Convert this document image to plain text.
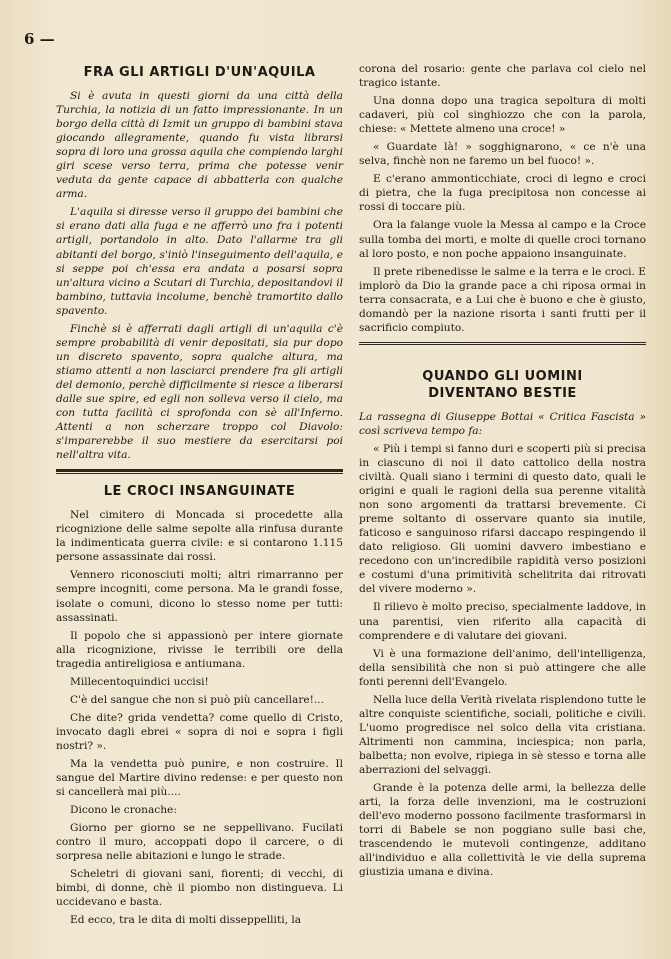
6 —
FRA GLI ARTIGLI D'UN'AQUILA

Si è avuta in questi giorni da una città della Turchia, la notizia di un fatto impressionante. In un borgo della città di Izmit un gruppo di bambini stava giocando allegramente, quando fu vista librarsi sopra di loro una grossa aquila che compiendo larghi giri scese verso terra, prima che potesse venir veduta da gente capace di abbatterla con qualche arma.

L'aquila si diresse verso il gruppo dei bambini che si erano dati alla fuga e ne afferrò uno fra i potenti artigli, portandolo in alto. Dato l'allarme tra gli abitanti del borgo, s'iniò l'inseguimento dell'aquila, e si seppe poi ch'essa era andata a posarsi sopra un'altura vicino a Scutari di Turchia, depositandovi il bambino, tuttavia incolume, benchè tramortito dallo spavento.

Finchè si è afferrati dagli artigli di un'aquila c'è sempre probabilità di venir depositati, sia pur dopo un discreto spavento, sopra qualche altura, ma stiamo attenti a non lasciarci prendere fra gli artigli del demonio, perchè difficilmente si riesce a liberarsi dalle sue spire, ed egli non solleva verso il cielo, ma con tutta facilità ci sprofonda con sè all'Inferno. Attenti a non scherzare troppo col Diavolo: s'imparerebbe il suo mestiere da esercitarsi poi nell'altra vita.

LE CROCI INSANGUINATE

Nel cimitero di Moncada si procedette alla ricognizione delle salme sepolte alla rinfusa durante la indimenticata guerra civile: e si contarono 1.115 persone assassinate dai rossi.

Vennero riconosciuti molti; altri rimarranno per sempre incogniti, come persona. Ma le grandi fosse, isolate o comuni, dicono lo stesso nome per tutti: assassinati.

Il popolo che si appassionò per intere giornate alla ricognizione, rivisse le terribili ore della tragedia antireligiosa e antiumana.

Millecentoquindici uccisi!

C'è del sangue che non si può più cancellare!...

Che dite? grida vendetta? come quello di Cristo, invocato dagli ebrei « sopra di noi e sopra i figli nostri? ».

Ma la vendetta può punire, e non costruire. Il sangue del Martire divino redense: e per questo non si cancellerà mai più....

Dicono le cronache:

Giorno per giorno se ne seppellivano. Fucilati contro il muro, accoppati dopo il carcere, o di sorpresa nelle abitazioni e lungo le strade.

Scheletri di giovani sani, fiorenti; di vecchi, di bimbi, di donne, chè il piombo non distingueva. Li uccidevano e basta.

Ed ecco, tra le dita di molti disseppelliti, la

corona del rosario: gente che parlava col cielo nel tragico istante.

Una donna dopo una tragica sepoltura di molti cadaveri, più col singhiozzo che con la parola, chiese: « Mettete almeno una croce! »

« Guardate là! » sogghignarono, « ce n'è una selva, finchè non ne faremo un bel fuoco! ».

E c'erano ammonticchiate, croci di legno e croci di pietra, che la fuga precipitosa non concesse ai rossi di toccare più.

Ora la falange vuole la Messa al campo e la Croce sulla tomba dei morti, e molte di quelle croci tornano al loro posto, e non poche appaiono insanguinate.

Il prete ribenedisse le salme e la terra e le croci. E implorò da Dio la grande pace a chi riposa ormai in terra consacrata, e a Lui che è buono e che è giusto, domandò per la nazione risorta i santi frutti per il sacrificio compiuto.

QUANDO GLI UOMINI DIVENTANO BESTIE

La rassegna di Giuseppe Bottai « Critica Fascista » così scriveva tempo fa:

« Più i tempi si fanno duri e scoperti più si precisa in ciascuno di noi il dato cattolico della nostra civiltà. Quali siano i termini di questo dato, quali le origini e quali le ragioni della sua perenne vitalità non sono argomenti da trattarsi brevemente. Ci preme soltanto di osservare quanto sia inutile, faticoso e sanguinoso rifarsi daccapo respingendo il dato religioso. Gli uomini davvero imbestiano e recedono con un'incredibile rapidità verso posizioni e costumi d'una primitività schelitrita dai ritrovati del vivere moderno ».

Il rilievo è molto preciso, specialmente laddove, in una parentisi, vien riferito alla capacità di comprendere e di valutare dei giovani.

Vi è una formazione dell'animo, dell'intelligenza, della sensibilità che non si può attingere che alle fonti perenni dell'Evangelo.

Nella luce della Verità rivelata risplendono tutte le altre conquiste scientifiche, sociali, politiche e civili. L'uomo progredisce nel solco della vita cristiana. Altrimenti non cammina, inciespica; non parla, balbetta; non evolve, ripiega in sè stesso e torna alle aberrazioni del selvaggi.

Grande è la potenza delle armi, la bellezza delle arti, la forza delle invenzioni, ma le costruzioni dell'evo moderno possono facilmente trasformarsi in torri di Babele se non poggiano sulle basi che, trascendendo le mutevoli contingenze, additano all'individuo e alla collettività le vie della suprema giustizia umana e divina.
